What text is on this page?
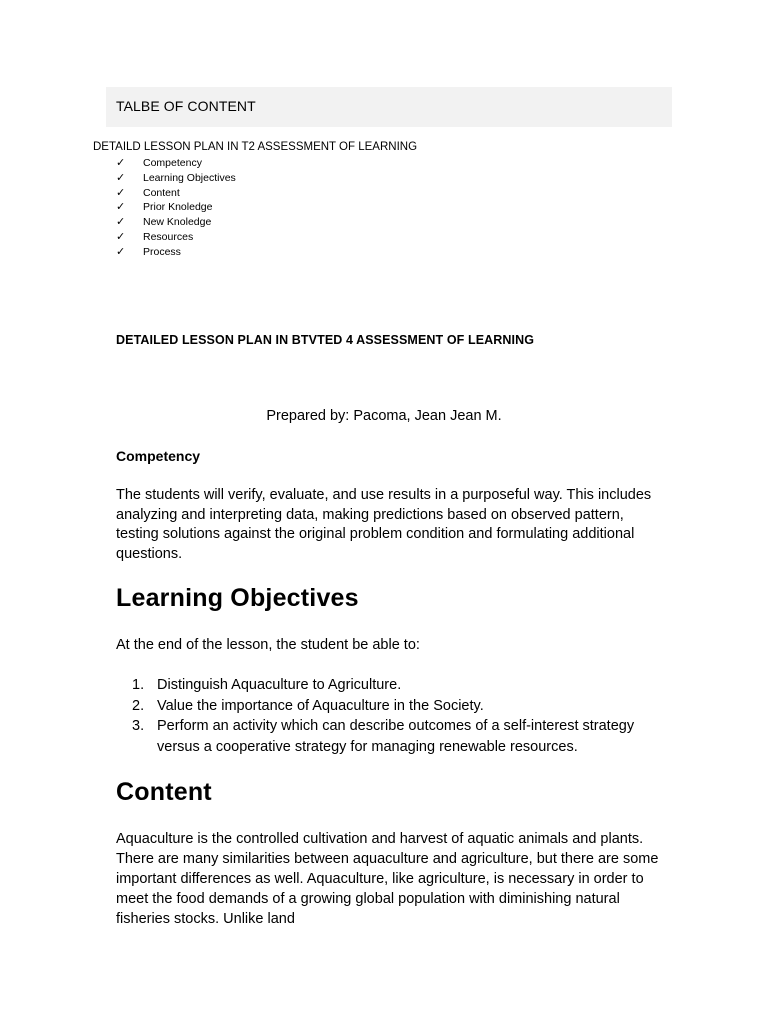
TALBE OF CONTENT
DETAILD LESSON PLAN IN T2 ASSESSMENT OF LEARNING
✓ Competency
✓ Learning Objectives
✓ Content
✓ Prior Knoledge
✓ New Knoledge
✓ Resources
✓ Process
DETAILED LESSON PLAN IN BTVTED 4 ASSESSMENT OF LEARNING
Prepared by: Pacoma, Jean Jean M.
Competency

The students will verify, evaluate, and use results in a purposeful way. This includes analyzing and interpreting data, making predictions based on observed pattern, testing solutions against the original problem condition and formulating additional questions.

Learning Objectives

At the end of the lesson, the student be able to:

1. Distinguish Aquaculture to Agriculture.
2. Value the importance of Aquaculture in the Society.
3. Perform an activity which can describe outcomes of a self-interest strategy versus a cooperative strategy for managing renewable resources.
Content

Aquaculture is the controlled cultivation and harvest of aquatic animals and plants. There are many similarities between aquaculture and agriculture, but there are some important differences as well. Aquaculture, like agriculture, is necessary in order to meet the food demands of a growing global population with diminishing natural fisheries stocks. Unlike land
